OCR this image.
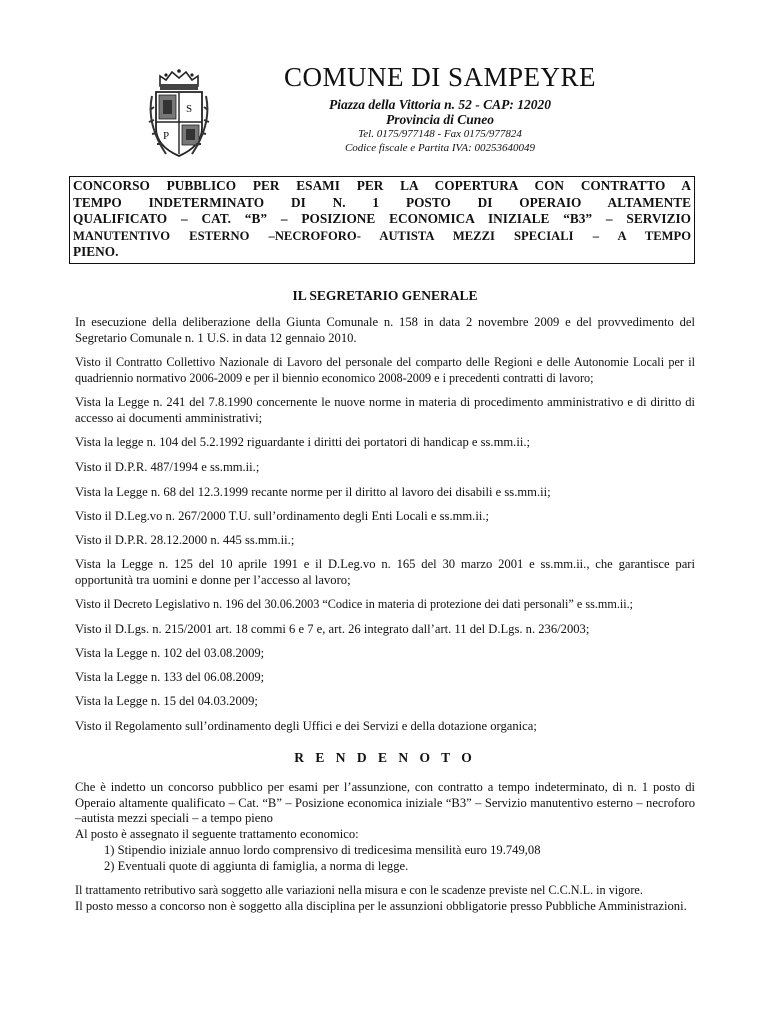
S
P
COMUNE DI SAMPEYRE
Piazza della Vittoria n. 52 - CAP: 12020
Provincia di Cuneo
Tel. 0175/977148 - Fax 0175/977824
Codice fiscale e Partita IVA: 00253640049

CONCORSO PUBBLICO PER ESAMI PER LA COPERTURA CON CONTRATTO A

TEMPO INDETERMINATO DI N. 1 POSTO DI OPERAIO ALTAMENTE

QUALIFICATO – CAT. “B” – POSIZIONE ECONOMICA INIZIALE “B3” – SERVIZIO

MANUTENTIVO ESTERNO –NECROFORO- AUTISTA MEZZI SPECIALI – A TEMPO

PIENO.

IL SEGRETARIO GENERALE

In esecuzione della deliberazione della Giunta Comunale n. 158 in data 2 novembre 2009 e del provvedimento del Segretario Comunale n. 1 U.S. in data 12 gennaio 2010.

Visto il Contratto Collettivo Nazionale di Lavoro del personale del comparto delle Regioni e delle Autonomie Locali per il quadriennio normativo 2006-2009 e per il biennio economico 2008-2009 e i precedenti contratti di lavoro;

Vista la Legge n. 241 del 7.8.1990 concernente le nuove norme in materia di procedimento amministrativo e di diritto di accesso ai documenti amministrativi;

Vista la legge n. 104 del 5.2.1992 riguardante i diritti dei portatori di handicap e ss.mm.ii.;

Visto il D.P.R. 487/1994 e ss.mm.ii.;

Vista la Legge n. 68 del 12.3.1999 recante norme per il diritto al lavoro dei disabili e ss.mm.ii;

Visto il D.Leg.vo n. 267/2000 T.U. sull’ordinamento degli Enti Locali e ss.mm.ii.;

Visto il D.P.R. 28.12.2000 n. 445 ss.mm.ii.;

Vista la Legge n. 125 del 10 aprile 1991 e il D.Leg.vo n. 165 del 30 marzo 2001 e ss.mm.ii., che garantisce pari opportunità tra uomini e donne per l’accesso al lavoro;

Visto il Decreto Legislativo n. 196 del 30.06.2003 “Codice in materia di protezione dei dati personali” e ss.mm.ii.;

Visto il D.Lgs. n. 215/2001 art. 18 commi 6 e 7 e, art. 26 integrato dall’art. 11 del D.Lgs. n. 236/2003;

Vista la Legge n. 102 del 03.08.2009;

Vista la Legge n. 133 del 06.08.2009;

Vista la Legge n. 15 del 04.03.2009;

Visto il Regolamento sull’ordinamento degli Uffici e dei Servizi e della dotazione organica;

R E N D E N O T O

Che è indetto un concorso pubblico per esami per l’assunzione, con contratto a tempo indeterminato, di n. 1 posto di Operaio altamente qualificato – Cat. “B” – Posizione economica iniziale “B3” – Servizio manutentivo esterno – necroforo –autista mezzi speciali – a tempo pieno

Al posto è assegnato il seguente trattamento economico:

1) Stipendio iniziale annuo lordo comprensivo di tredicesima mensilità euro 19.749,08

2) Eventuali quote di aggiunta di famiglia, a norma di legge.

Il trattamento retributivo sarà soggetto alle variazioni nella misura e con le scadenze previste nel C.C.N.L. in vigore.

Il posto messo a concorso non è soggetto alla disciplina per le assunzioni obbligatorie presso Pubbliche Amministrazioni.
